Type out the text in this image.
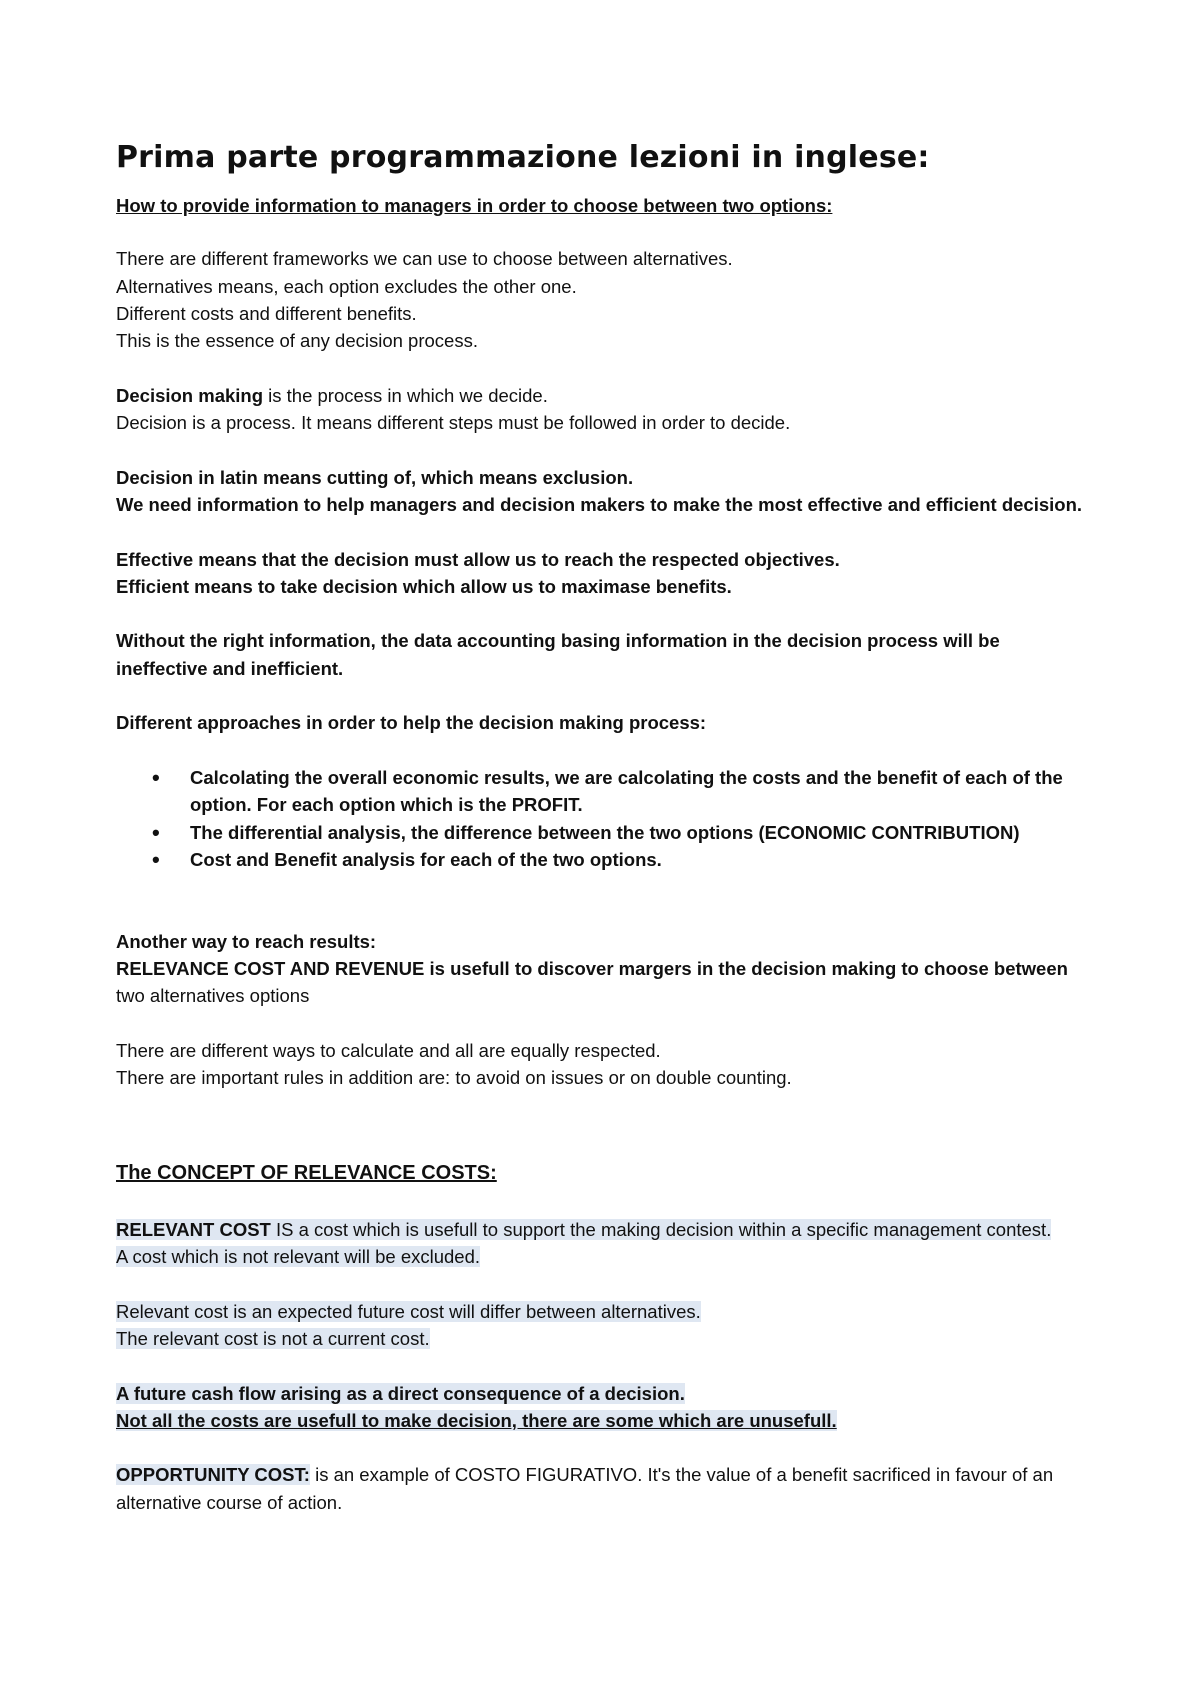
Prima parte programmazione lezioni in inglese:

How to provide information to managers in order to choose between two options:

There are different frameworks we can use to choose between alternatives.

Alternatives means, each option excludes the other one.

Different costs and different benefits.

This is the essence of any decision process.

Decision making is the process in which we decide.

Decision is a process. It means different steps must be followed in order to decide.

Decision in latin means cutting of, which means exclusion.

We need information to help managers and decision makers to make the most effective and efficient decision.

Effective means that the decision must allow us to reach the respected objectives.

Efficient means to take decision which allow us to maximase benefits.

Without the right information, the data accounting basing information in the decision process will be ineffective and inefficient.

Different approaches in order to help the decision making process:

• Calcolating the overall economic results, we are calcolating the costs and the benefit of each of the option. For each option which is the PROFIT.
• The differential analysis, the difference between the two options (ECONOMIC CONTRIBUTION)
• Cost and Benefit analysis for each of the two options.

Another way to reach results:

RELEVANCE COST AND REVENUE is usefull to discover margers in the decision making to choose between

two alternatives options

There are different ways to calculate and all are equally respected.

There are important rules in addition are: to avoid on issues or on double counting.

The CONCEPT OF RELEVANCE COSTS:

RELEVANT COST IS a cost which is usefull to support the making decision within a specific management contest.

A cost which is not relevant will be excluded.

Relevant cost is an expected future cost will differ between alternatives.

The relevant cost is not a current cost.

A future cash flow arising as a direct consequence of a decision.

Not all the costs are usefull to make decision, there are some which are unusefull.

OPPORTUNITY COST: is an example of COSTO FIGURATIVO. It's the value of a benefit sacrificed in favour of an alternative course of action.
